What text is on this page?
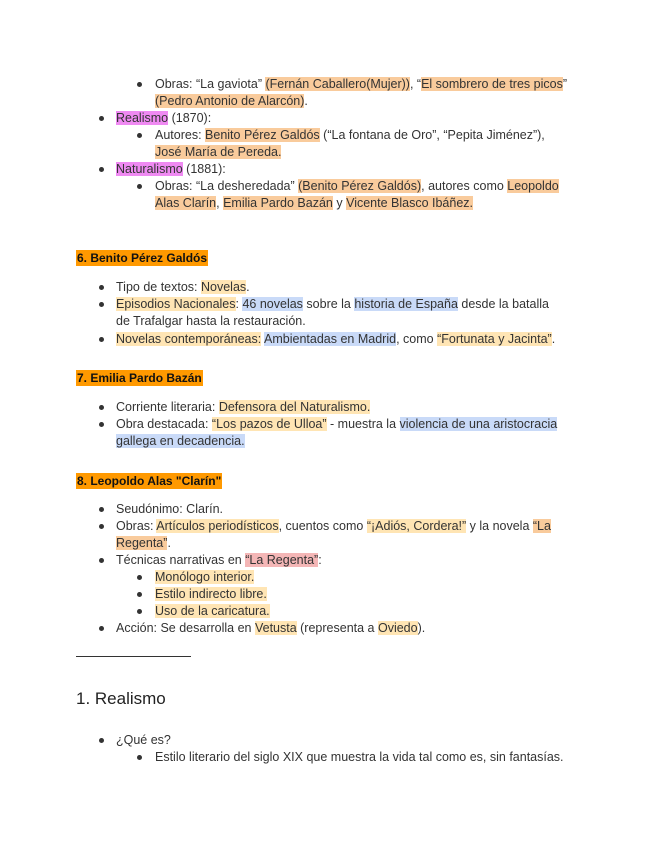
Obras: “La gaviota” (Fernán Caballero(Mujer)), “El sombrero de tres picos”
(Pedro Antonio de Alarcón).
Realismo (1870):
Autores: Benito Pérez Galdós (“La fontana de Oro”, “Pepita Jiménez”),
José María de Pereda.
Naturalismo (1881):
Obras: “La desheredada” (Benito Pérez Galdós), autores como Leopoldo
Alas Clarín, Emilia Pardo Bazán y Vicente Blasco Ibáñez.
6. Benito Pérez Galdós
Tipo de textos: Novelas.
Episodios Nacionales: 46 novelas sobre la historia de España desde la batalla
de Trafalgar hasta la restauración.
Novelas contemporáneas: Ambientadas en Madrid, como “Fortunata y Jacinta”.
7. Emilia Pardo Bazán
Corriente literaria: Defensora del Naturalismo.
Obra destacada: “Los pazos de Ulloa” - muestra la violencia de una aristocracia
gallega en decadencia.
8. Leopoldo Alas "Clarín"
Seudónimo: Clarín.
Obras: Artículos periodísticos, cuentos como “¡Adiós, Cordera!” y la novela “La
Regenta”.
Técnicas narrativas en “La Regenta”:
Monólogo interior.
Estilo indirecto libre.
Uso de la caricatura.
Acción: Se desarrolla en Vetusta (representa a Oviedo).
1. Realismo
¿Qué es?
Estilo literario del siglo XIX que muestra la vida tal como es, sin fantasías.
